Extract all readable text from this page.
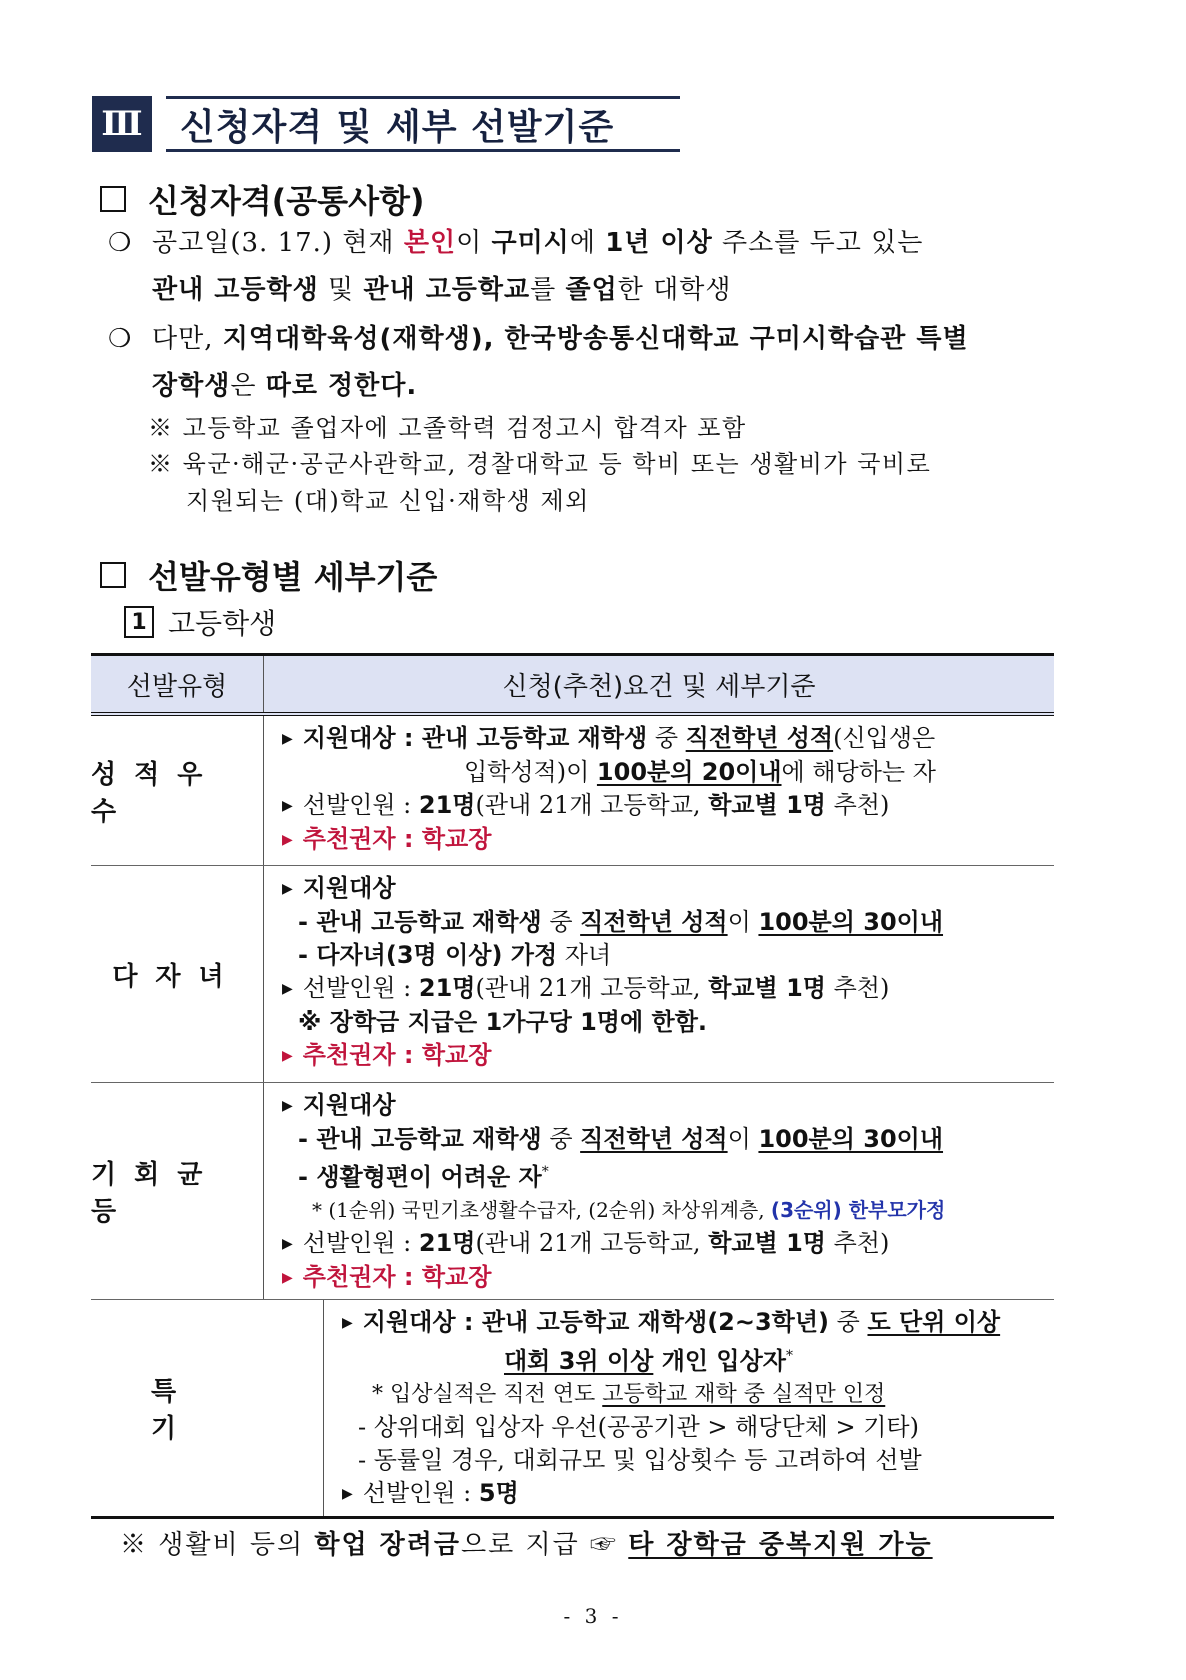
Ⅲ	신청자격 및 세부 선발기준
신청자격(공통사항)
❍ 공고일(3. 17.) 현재 본인이 구미시에 1년 이상 주소를 두고 있는
관내 고등학생 및 관내 고등학교를 졸업한 대학생
❍ 다만, 지역대학육성(재학생), 한국방송통신대학교 구미시학습관 특별
장학생은 따로 정한다.
※ 고등학교 졸업자에 고졸학력 검정고시 합격자 포함
※ 육군·해군·공군사관학교, 경찰대학교 등 학비 또는 생활비가 국비로
지원되는 (대)학교 신입·재학생 제외
선발유형별 세부기준
1 고등학생
선발유형	신청(추천)요건 및 세부기준
성적우수
▶ 지원대상 : 관내 고등학교 재학생 중 직전학년 성적(신입생은
입학성적)이 100분의 20이내에 해당하는 자
▶ 선발인원 : 21명(관내 21개 고등학교, 학교별 1명 추천)
▶ 추천권자 : 학교장
다자녀
▶ 지원대상
- 관내 고등학교 재학생 중 직전학년 성적이 100분의 30이내
- 다자녀(3명 이상) 가정 자녀
▶ 선발인원 : 21명(관내 21개 고등학교, 학교별 1명 추천)
※ 장학금 지급은 1가구당 1명에 한함.
▶ 추천권자 : 학교장
기회균등
▶ 지원대상
- 관내 고등학교 재학생 중 직전학년 성적이 100분의 30이내
- 생활형편이 어려운 자*
* (1순위) 국민기초생활수급자, (2순위) 차상위계층, (3순위) 한부모가정
▶ 선발인원 : 21명(관내 21개 고등학교, 학교별 1명 추천)
▶ 추천권자 : 학교장
특기
▶ 지원대상 : 관내 고등학교 재학생(2~3학년) 중 도 단위 이상
대회 3위 이상 개인 입상자*
* 입상실적은 직전 연도 고등학교 재학 중 실적만 인정
- 상위대회 입상자 우선(공공기관 > 해당단체 > 기타)
- 동률일 경우, 대회규모 및 입상횟수 등 고려하여 선발
▶ 선발인원 : 5명
※ 생활비 등의 학업 장려금으로 지급 ☞ 타 장학금 중복지원 가능
- 3 -
